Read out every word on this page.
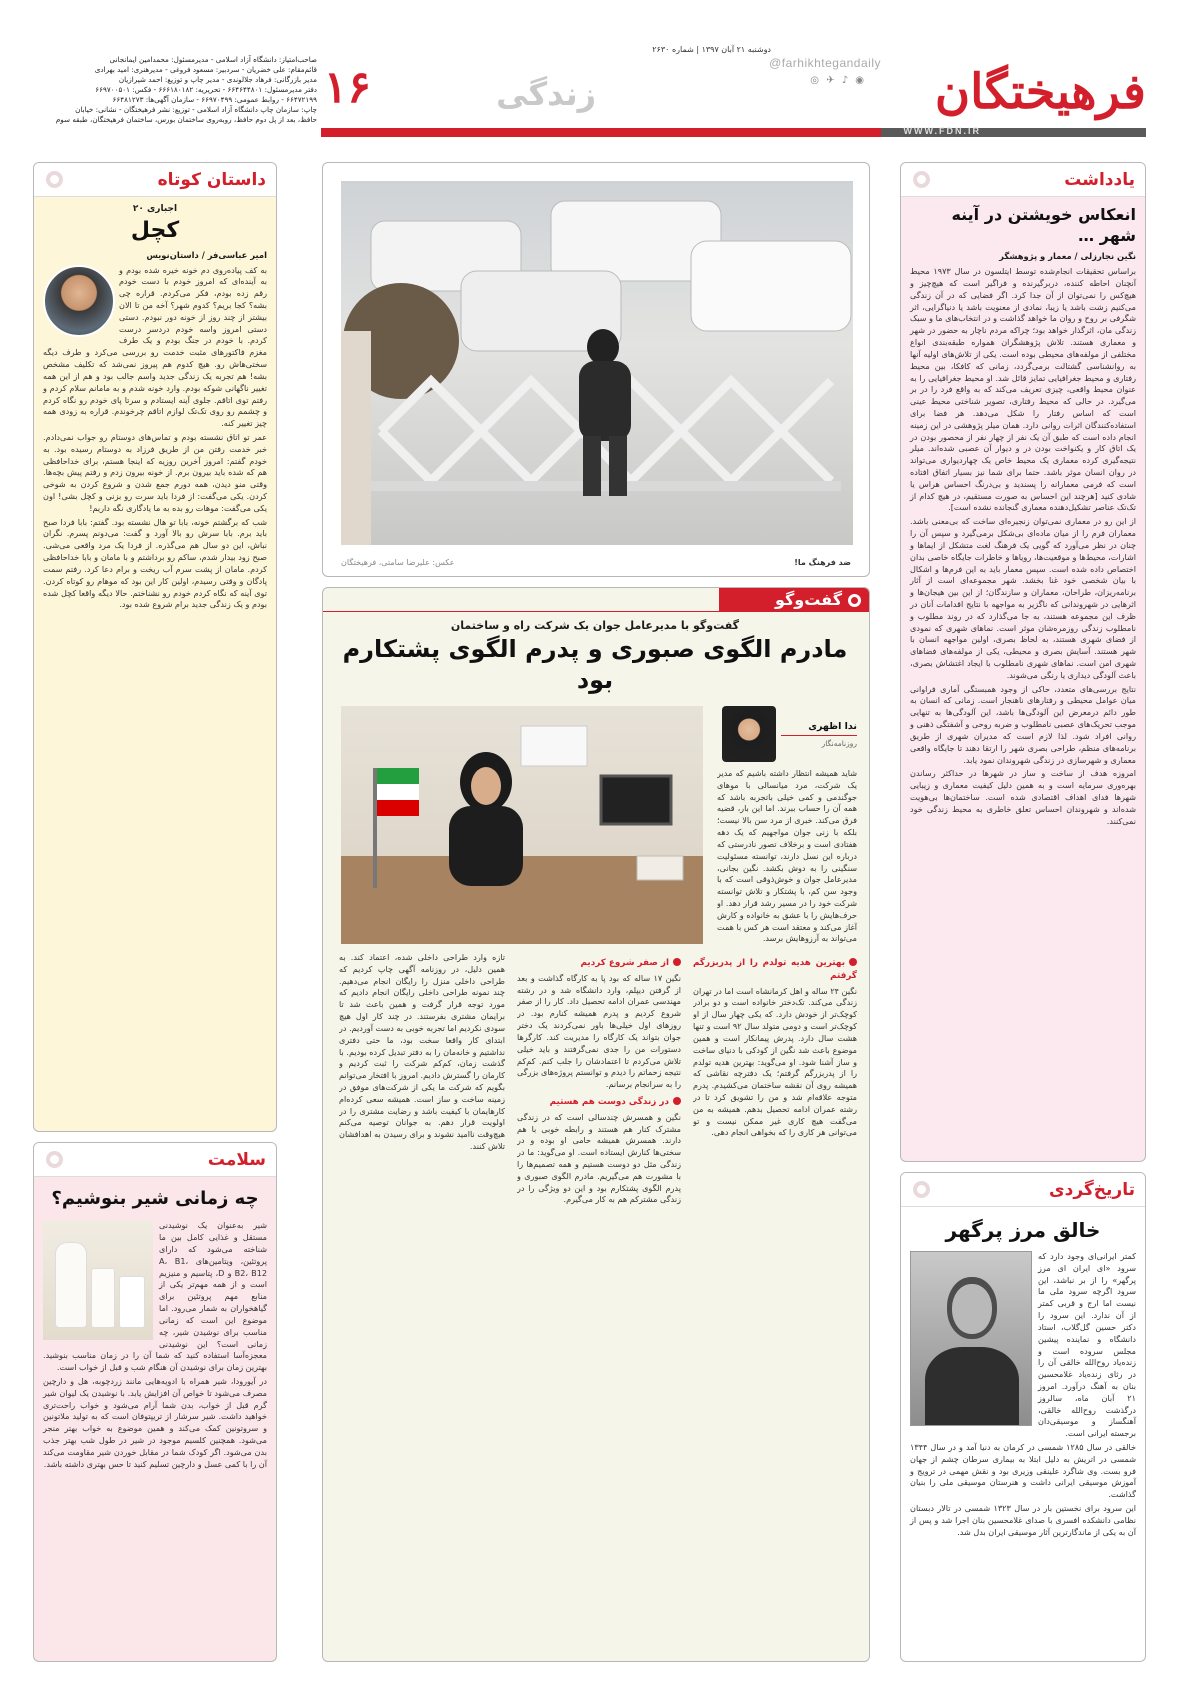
فرهیختگان
@farhikhtegandaily
◎ ✈ ♪ ◉
دوشنبه ۲۱ آبان ۱۳۹۷ | شماره ۲۶۳۰
۱۶	زندگی

صاحب‌امتیاز: دانشگاه آزاد اسلامی - مدیرمسئول: محمدامین ایمانجانی

قائم‌مقام: علی خضریان - سردبیر: مسعود فروغی - مدیرهنری: امید بهرادی

مدیر بازرگانی: فرهاد جلالوندی - مدیر چاپ و توزیع: احمد شیرازیان

دفتر مدیرمسئول: ۶۶۴۶۴۴۸۰۱ - تحریریه: ۶۶۶۱۸۰۱۸۲ - فکس: ۶۶۹۷۰۰۵۰۱

۶۶۴۷۲۱۹۹ - روابط عمومی: ۶۶۹۷۰۴۹۹ - سازمان آگهی‌ها: ۶۶۴۸۱۲۷۳

چاپ: سازمان چاپ دانشگاه آزاد اسلامی - توزیع: نشر فرهیختگان - نشانی: خیابان

حافظ، بعد از پل دوم حافظ، روبه‌روی ساختمان بورس، ساختمان فرهیختگان، طبقه سوم

WWW.FDN.IR
یادداشت
انعکاس خویشتن در آینه شهر …
نگین نجارزلی / معمار و پژوهشگر

براساس تحقیقات انجام‌شده توسط ایتلسون در سال ۱۹۷۳ محیط آنچنان احاطه کننده، دربرگیرنده و فراگیر است که هیچ‌چیز و هیچ‌کس را نمی‌توان از آن جدا کرد. اگر فضایی که در آن زندگی می‌کنیم زشت باشد یا زیبا، نمادی از معنویت باشد یا دنیاگرایی، اثر شگرفی بر روح و روان ما خواهد گذاشت و در انتخاب‌های ما و سبک زندگی مان، اثرگذار خواهد بود؛ چراکه مردم ناچار به حضور در شهر و معماری هستند. تلاش پژوهشگران همواره طبقه‌بندی انواع مختلفی از مولفه‌های محیطی بوده است. یکی از تلاش‌های اولیه آنها به روانشناسی گشتالت برمی‌گردد، زمانی که کافکا، بین محیط رفتاری و محیط جغرافیایی تمایز قائل شد. او محیط جغرافیایی را به عنوان محیط واقعی، چیزی تعریف می‌کند که به واقع فرد را در بر می‌گیرد. در حالی که محیط رفتاری، تصویر شناختی محیط عینی است که اساس رفتار را شکل می‌دهد. هر فضا برای استفاده‌کنندگان اثرات روانی دارد. همان میلر پژوهشی در این زمینه انجام داده است که طبق آن یک نفر از چهار نفر از محصور بودن در یک اتاق کار و یکنواخت بودن در و دیوار آن عصبی شده‌اند. میلر نتیجه‌گیری کرده معماری یک محیط خاص یک چهار‌دیواری می‌تواند در روان انسان موثر باشد. حتما برای شما نیز بسیار اتفاق افتاده است که فرمی معمارانه را پسندید و بی‌درنگ احساس هراس یا شادی کنید [هرچند این احساس به صورت مستقیم، در هیچ کدام از تک‌تک عناصر تشکیل‌دهنده معماری گنجانده نشده است].

از این رو در معماری نمی‌توان زنجیره‌ای ساخت که بی‌معنی باشد. معماران فرم را از میان ماده‌ای بی‌شکل برمی‌گیرد و سپس آن را چنان در نظر می‌آورد که گویی یک فرهنگ لغت متشکل از ایماها و اشارات، محیط‌ها و موقعیت‌ها، رویاها و خاطرات جایگاه خاصی بدان اختصاص داده شده است. سپس معمار باید به این فرم‌ها و اشکال با بیان شخصی خود غنا بخشد. شهر مجموعه‌ای است از آثار برنامه‌ریزان، طراحان، معماران و سازندگان؛ از این بین هیجان‌ها و اثرهایی در شهروندانی که ناگزیر به مواجهه با نتایج اقدامات آنان در ظرف این مجموعه هستند، به جا می‌گذارد که در روند مطلوب و نامطلوب زندگی روزمره‌شان موثر است. نماهای شهری که نمودی از فضای شهری هستند، به لحاظ بصری، اولین مواجهه انسان با شهر هستند. آسایش بصری و محیطی، یکی از مولفه‌های فضاهای شهری امن است. نماهای شهری نامطلوب با ایجاد اغتشاش بصری، باعث آلودگی دیداری یا رنگی می‌شوند.

نتایج بررسی‌های متعدد، حاکی از وجود همبستگی آماری فراوانی میان عوامل محیطی و رفتارهای ناهنجار است. زمانی که انسان به طور دائم درمعرض این آلودگی‌ها باشد، این آلودگی‌ها به تنهایی موجب تحریک‌های عصبی نامطلوب و ضربه روحی و آشفتگی ذهنی و روانی افراد شود. لذا لازم است که مدیران شهری از طریق برنامه‌های منظم، طراحی بصری شهر را ارتقا دهند تا جایگاه واقعی معماری و شهرسازی در زندگی شهروندان نمود یابد.

امروزه هدف از ساخت و ساز در شهرها در حداکثر رساندن بهره‌وری سرمایه است و به همین دلیل کیفیت معماری و زیبایی شهرها فدای اهداف اقتصادی شده است. ساختمان‌ها بی‌هویت شده‌اند و شهروندان احساس تعلق خاطری به محیط زندگی خود نمی‌کنند.

تاریخ‌گردی
خالق مرز پرگهر

کمتر ایرانی‌ای وجود دارد که سرود «ای ایران ای مرز پرگهر» را از بر نباشد، این سرود اگرچه سرود ملی ما نیست اما ارج و قربی کمتر از آن ندارد. این سرود را دکتر حسین گل‌گلاب، استاد دانشگاه و نماینده پیشین مجلس سروده است و زنده‌یاد روح‌الله خالقی آن را در رثای زنده‌یاد غلامحسین بنان به آهنگ درآورد. امروز ۲۱ آبان ماه، سالروز درگذشت روح‌الله خالقی، آهنگساز و موسیقی‌دان برجسته ایرانی است.

خالقی در سال ۱۲۸۵ شمسی در کرمان به دنیا آمد و در سال ۱۳۴۴ شمسی در اتریش به دلیل ابتلا به بیماری سرطان چشم از جهان فرو بست. وی شاگرد علینقی وزیری بود و نقش مهمی در ترویج و آموزش موسیقی ایرانی داشت و هنرستان موسیقی ملی را بنیان گذاشت.

این سرود برای نخستین بار در سال ۱۳۲۳ شمسی در تالار دبستان نظامی دانشکده افسری با صدای غلامحسین بنان اجرا شد و پس از آن به یکی از ماندگارترین آثار موسیقی ایران بدل شد.

داستان کوتاه
اجباری ۲۰
کچل
امیر عباسی‌فر / داستان‌نویس

به کف پیاده‌روی دم خونه خیره شده بودم و به آینده‌ای که امروز خودم با دست خودم رقم زده بودم، فکر می‌کردم. قراره چی بشه؟ کجا بریم؟ کدوم شهر؟ آخه من تا الان بیشتر از چند روز از خونه دور نبودم. دستی دستی امروز واسه خودم دردسر درست کردم. با خودم در جنگ بودم و یک طرف مغزم فاکتورهای مثبت خدمت رو بررسی می‌کرد و طرف دیگه سختی‌هاش رو. هیچ کدوم هم پیروز نمی‌شد که تکلیف مشخص بشه! هم تجربه یک زندگی جدید واسم جالب بود و هم از این همه تغییر ناگهانی شوکه بودم. وارد خونه شدم و به مامانم سلام کردم و رفتم توی اتاقم. جلوی آینه ایستادم و سرتا پای خودم رو نگاه کردم و چشمم رو روی تک‌تک لوازم اتاقم چرخوندم. قراره به زودی همه چیز تغییر کنه.

عمر تو اتاق نشسته بودم و تماس‌های دوستام رو جواب نمی‌دادم. خبر خدمت رفتن من از طریق فرزاد به دوستام رسیده بود. به خودم گفتم: امروز آخرین روزیه که اینجا هستم، برای خداحافظی هم که شده باید بیرون برم. از خونه بیرون زدم و رفتم پیش بچه‌ها. وقتی منو دیدن، همه دورم جمع شدن و شروع کردن به شوخی کردن. یکی می‌گفت: از فردا باید سرت رو بزنی و کچل بشی! اون یکی می‌گفت: موهات رو بده به ما یادگاری نگه داریم!

شب که برگشتم خونه، بابا تو هال نشسته بود. گفتم: بابا فردا صبح باید برم. بابا سرش رو بالا آورد و گفت: می‌دونم پسرم. نگران نباش، این دو سال هم می‌گذره. از فردا یک مرد واقعی می‌شی. صبح زود بیدار شدم، ساکم رو برداشتم و با مامان و بابا خداحافظی کردم. مامان از پشت سرم آب ریخت و برام دعا کرد. رفتم سمت پادگان و وقتی رسیدم، اولین کار این بود که موهام رو کوتاه کردن. توی آینه که نگاه کردم خودم رو نشناختم. حالا دیگه واقعا کچل شده بودم و یک زندگی جدید برام شروع شده بود.

سلامت
چه زمانی شیر بنوشیم؟

شیر به‌عنوان یک نوشیدنی مستقل و غذایی کامل بین ما شناخته می‌شود که دارای پروتئین، ویتامین‌های A، B1، B2، B12 و D، پتاسیم و منیزیم است و از همه مهم‌تر یکی از منابع مهم پروتئین برای گیاهخواران به شمار می‌رود. اما موضوع این است که زمانی مناسب برای نوشیدن شیر، چه زمانی است؟ این نوشیدنی معجزه‌آسا استفاده کنید که شما آن را در زمان مناسب بنوشید. بهترین زمان برای نوشیدن آن هنگام شب و قبل از خواب است.

در آیورودا، شیر همراه با ادویه‌هایی مانند زردچوبه، هل و دارچین مصرف می‌شود تا خواص آن افزایش یابد. با نوشیدن یک لیوان شیر گرم قبل از خواب، بدن شما آرام می‌شود و خواب راحت‌تری خواهید داشت. شیر سرشار از تریپتوفان است که به تولید ملاتونین و سروتونین کمک می‌کند و همین موضوع به خواب بهتر منجر می‌شود. همچنین کلسیم موجود در شیر در طول شب بهتر جذب بدن می‌شود. اگر کودک شما در مقابل خوردن شیر مقاومت می‌کند آن را با کمی عسل و دارچین تسلیم کنید تا حس بهتری داشته باشد.

ضد فرهنگ ما!
عکس: علیرضا سامتی، فرهیختگان
گفت‌وگو
گفت‌وگو با مدیرعامل جوان یک شرکت راه و ساختمان
مادرم الگوی صبوری و پدرم الگوی پشتکارم بود
ندا اظهری
روزنامه‌نگار

شاید همیشه انتظار داشته باشیم که مدیر یک شرکت، مرد میانسالی با موهای جوگندمی و کمی خیلی باتجربه باشد که همه آن را حساب ببرند. اما این بار، قضیه فرق می‌کند. خبری از مرد سن بالا نیست؛ بلکه با زنی جوان مواجهیم که یک دهه هفتادی است و برخلاف تصور نادرستی که درباره این نسل دارند، توانسته مسئولیت سنگینی را به دوش بکشد. نگین بجانی، مدیرعامل جوان و خوش‌ذوقی است که با وجود سن کم، با پشتکار و تلاش توانسته شرکت خود را در مسیر رشد قرار دهد. او حرف‌هایش را با عشق به خانواده و کارش آغاز می‌کند و معتقد است هر کس با همت می‌تواند به آرزوهایش برسد.

بهترین هدیه تولدم را از پدربزرگم گرفتم

نگین ۲۴ ساله و اهل کرمانشاه است اما در تهران زندگی می‌کند. تک‌دختر خانواده است و دو برادر کوچک‌تر از خودش دارد. که یکی چهار سال از او کوچک‌تر است و دومی متولد سال ۹۲ است و تنها هشت سال دارد. پدرش پیمانکار است و همین موضوع باعث شد نگین از کودکی با دنیای ساخت و ساز آشنا شود. او می‌گوید: بهترین هدیه تولدم را از پدربزرگم گرفتم؛ یک دفترچه نقاشی که همیشه روی آن نقشه ساختمان می‌کشیدم. پدرم متوجه علاقه‌ام شد و من را تشویق کرد تا در رشته عمران ادامه تحصیل بدهم. همیشه به من می‌گفت هیچ کاری غیر ممکن نیست و تو می‌توانی هر کاری را که بخواهی انجام دهی.

از صفر شروع کردیم

نگین ۱۷ ساله که بود پا به کارگاه گذاشت و بعد از گرفتن دیپلم، وارد دانشگاه شد و در رشته مهندسی عمران ادامه تحصیل داد. کار را از صفر شروع کردیم و پدرم همیشه کنارم بود. در روزهای اول خیلی‌ها باور نمی‌کردند یک دختر جوان بتواند یک کارگاه را مدیریت کند. کارگرها دستورات من را جدی نمی‌گرفتند و باید خیلی تلاش می‌کردم تا اعتمادشان را جلب کنم. کم‌کم نتیجه زحماتم را دیدم و توانستم پروژه‌های بزرگی را به سرانجام برسانم.

در زندگی دوست هم هستیم

نگین و همسرش چندسالی است که در زندگی مشترک کنار هم هستند و رابطه خوبی با هم دارند. همسرش همیشه حامی او بوده و در سختی‌ها کنارش ایستاده است. او می‌گوید: ما در زندگی مثل دو دوست هستیم و همه تصمیم‌ها را با مشورت هم می‌گیریم. مادرم الگوی صبوری و پدرم الگوی پشتکارم بود و این دو ویژگی را در زندگی مشترکم هم به کار می‌گیرم.

تازه وارد طراحی داخلی شده، اعتماد کند. به همین دلیل، در روزنامه آگهی چاپ کردیم که طراحی داخلی منزل را رایگان انجام می‌دهیم. چند نمونه طراحی داخلی رایگان انجام دادیم که مورد توجه قرار گرفت و همین باعث شد تا برایمان مشتری بفرستند. در چند کار اول هیچ سودی نکردیم اما تجربه خوبی به دست آوردیم. در ابتدای کار واقعا سخت بود، ما حتی دفتری نداشتیم و خانه‌مان را به دفتر تبدیل کرده بودیم. با گذشت زمان، کم‌کم شرکت را ثبت کردیم و کارمان را گسترش دادیم. امروز با افتخار می‌توانم بگویم که شرکت ما یکی از شرکت‌های موفق در زمینه ساخت و ساز است. همیشه سعی کرده‌ام کارهایمان با کیفیت باشد و رضایت مشتری را در اولویت قرار دهم. به جوانان توصیه می‌کنم هیچ‌وقت ناامید نشوند و برای رسیدن به اهدافشان تلاش کنند.
